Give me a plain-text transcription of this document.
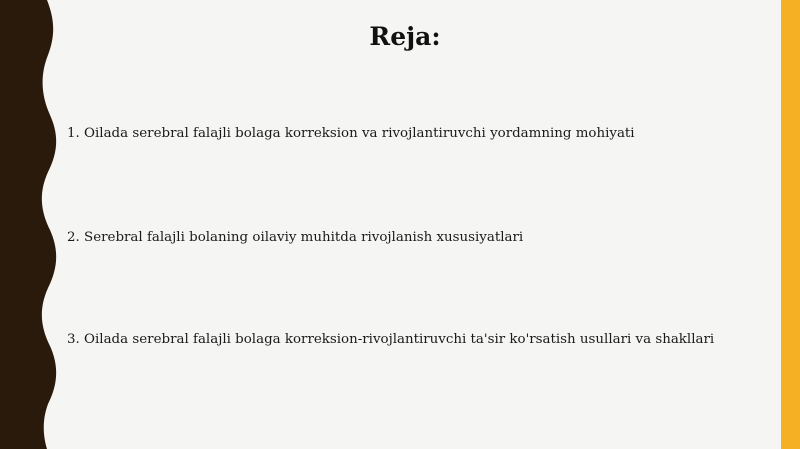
Reja:
1. Oilada serebral falajli bolaga korreksion va rivojlantiruvchi yordamning mohiyati
2. Serebral falajli bolaning oilaviy muhitda rivojlanish xususiyatlari
3. Oilada serebral falajli bolaga korreksion-rivojlantiruvchi ta'sir ko'rsatish usullari va shakllari
